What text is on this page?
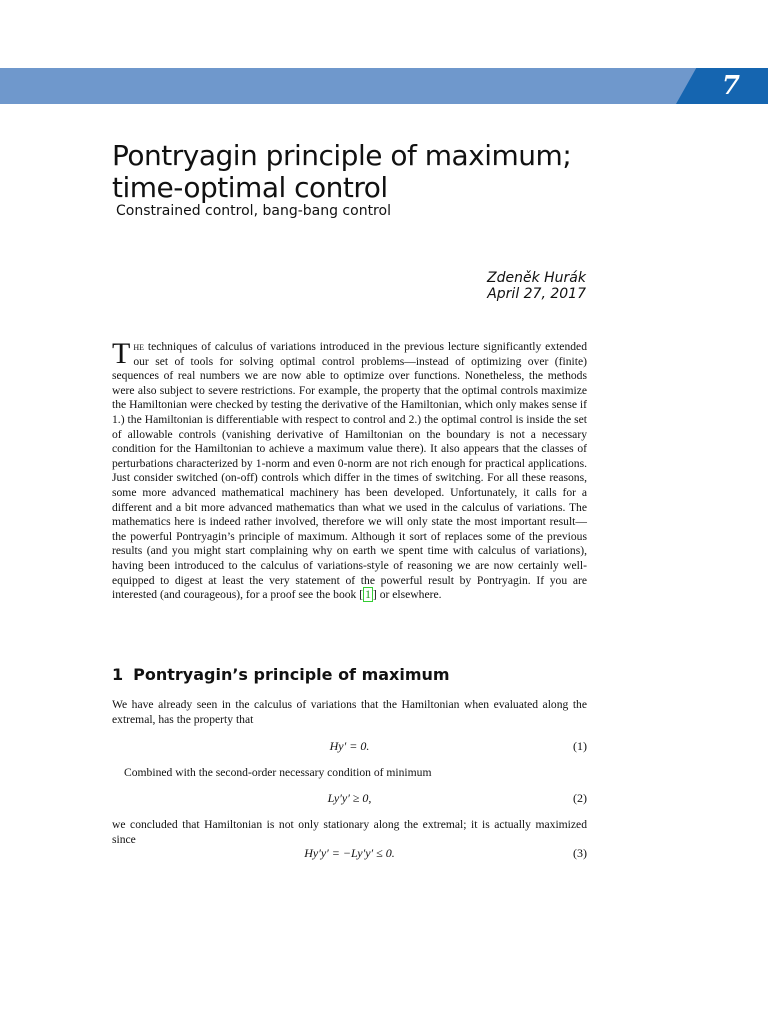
7
Pontryagin principle of maximum;
time-optimal control

Constrained control, bang-bang control

Zdeněk Hurák
April 27, 2017

The techniques of calculus of variations introduced in the previous lecture significantly extended our set of tools for solving optimal control problems—instead of optimizing over (finite) sequences of real numbers we are now able to optimize over functions. Nonetheless, the methods were also subject to severe restrictions. For example, the property that the optimal controls maximize the Hamiltonian were checked by testing the derivative of the Hamiltonian, which only makes sense if 1.) the Hamiltonian is differentiable with respect to control and 2.) the optimal control is inside the set of allowable controls (vanishing derivative of Hamiltonian on the boundary is not a necessary condition for the Hamiltonian to achieve a maximum value there). It also appears that the classes of perturbations characterized by 1-norm and even 0-norm are not rich enough for practical applications. Just consider switched (on-off) controls which differ in the times of switching. For all these reasons, some more advanced mathematical machinery has been developed. Unfortunately, it calls for a different and a bit more advanced mathematics than what we used in the calculus of variations. The mathematics here is indeed rather involved, therefore we will only state the most important result—the powerful Pontryagin’s principle of maximum. Although it sort of replaces some of the previous results (and you might start complaining why on earth we spent time with calculus of variations), having been introduced to the calculus of variations-style of reasoning we are now certainly well-equipped to digest at least the very statement of the powerful result by Pontryagin. If you are interested (and courageous), for a proof see the book [ 1 ] or elsewhere.

1 Pontryagin’s principle of maximum

We have already seen in the calculus of variations that the Hamiltonian when evaluated along the extremal, has the property that

Hy′ = 0.	(1)

Combined with the second-order necessary condition of minimum

Ly′y′ ≥ 0,	(2)

we concluded that Hamiltonian is not only stationary along the extremal; it is actually maximized since

Hy′y′ = −Ly′y′ ≤ 0.	(3)
